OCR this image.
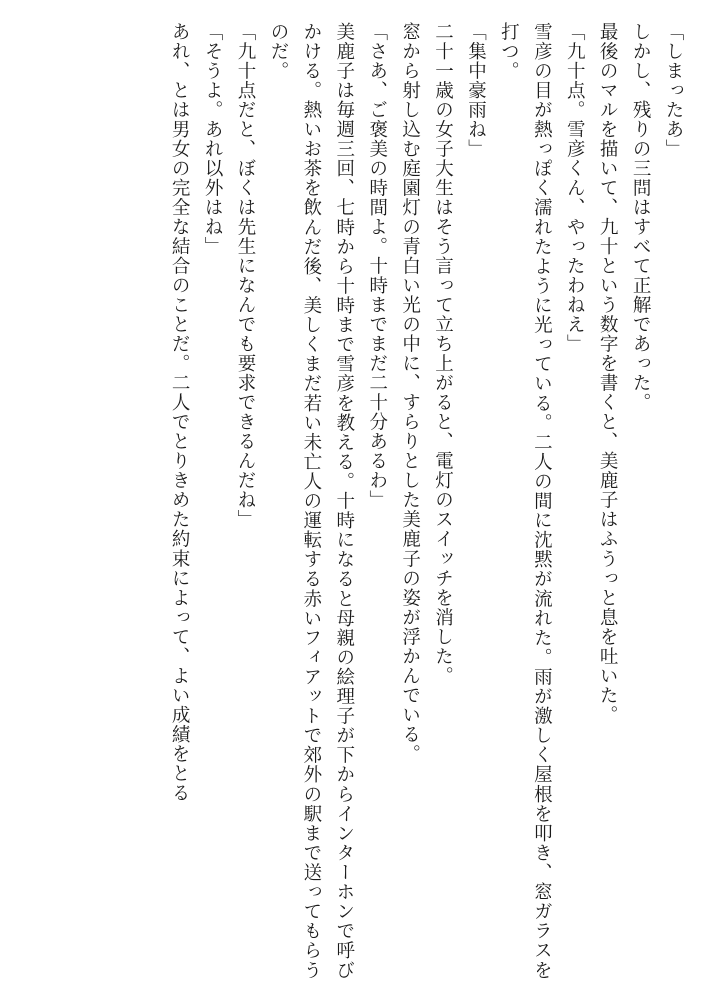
「しまったあ」

しかし、残りの三問はすべて正解であった。

最後のマルを描いて、九十という数字を書くと、美鹿子はふうっと息を吐いた。

「九十点。雪彦くん、やったわねえ」

雪彦の目が熱っぽく濡れたように光っている。二人の間に沈黙が流れた。雨が激しく屋根を叩き、窓ガラスを打つ。

「集中豪雨ね」

二十一歳の女子大生はそう言って立ち上がると、電灯のスイッチを消した。

窓から射し込む庭園灯の青白い光の中に、すらりとした美鹿子の姿が浮かんでいる。

「さあ、ご褒美の時間よ。十時までまだ二十分あるわ」

美鹿子は毎週三回、七時から十時まで雪彦を教える。十時になると母親の絵理子が下からインターホンで呼びかける。熱いお茶を飲んだ後、美しくまだ若い未亡人の運転する赤いフィアットで郊外の駅まで送ってもらうのだ。

「九十点だと、ぼくは先生になんでも要求できるんだね」

「そうよ。あれ以外はね」

あれ、とは男女の完全な結合のことだ。二人でとりきめた約束によって、よい成績をとる
